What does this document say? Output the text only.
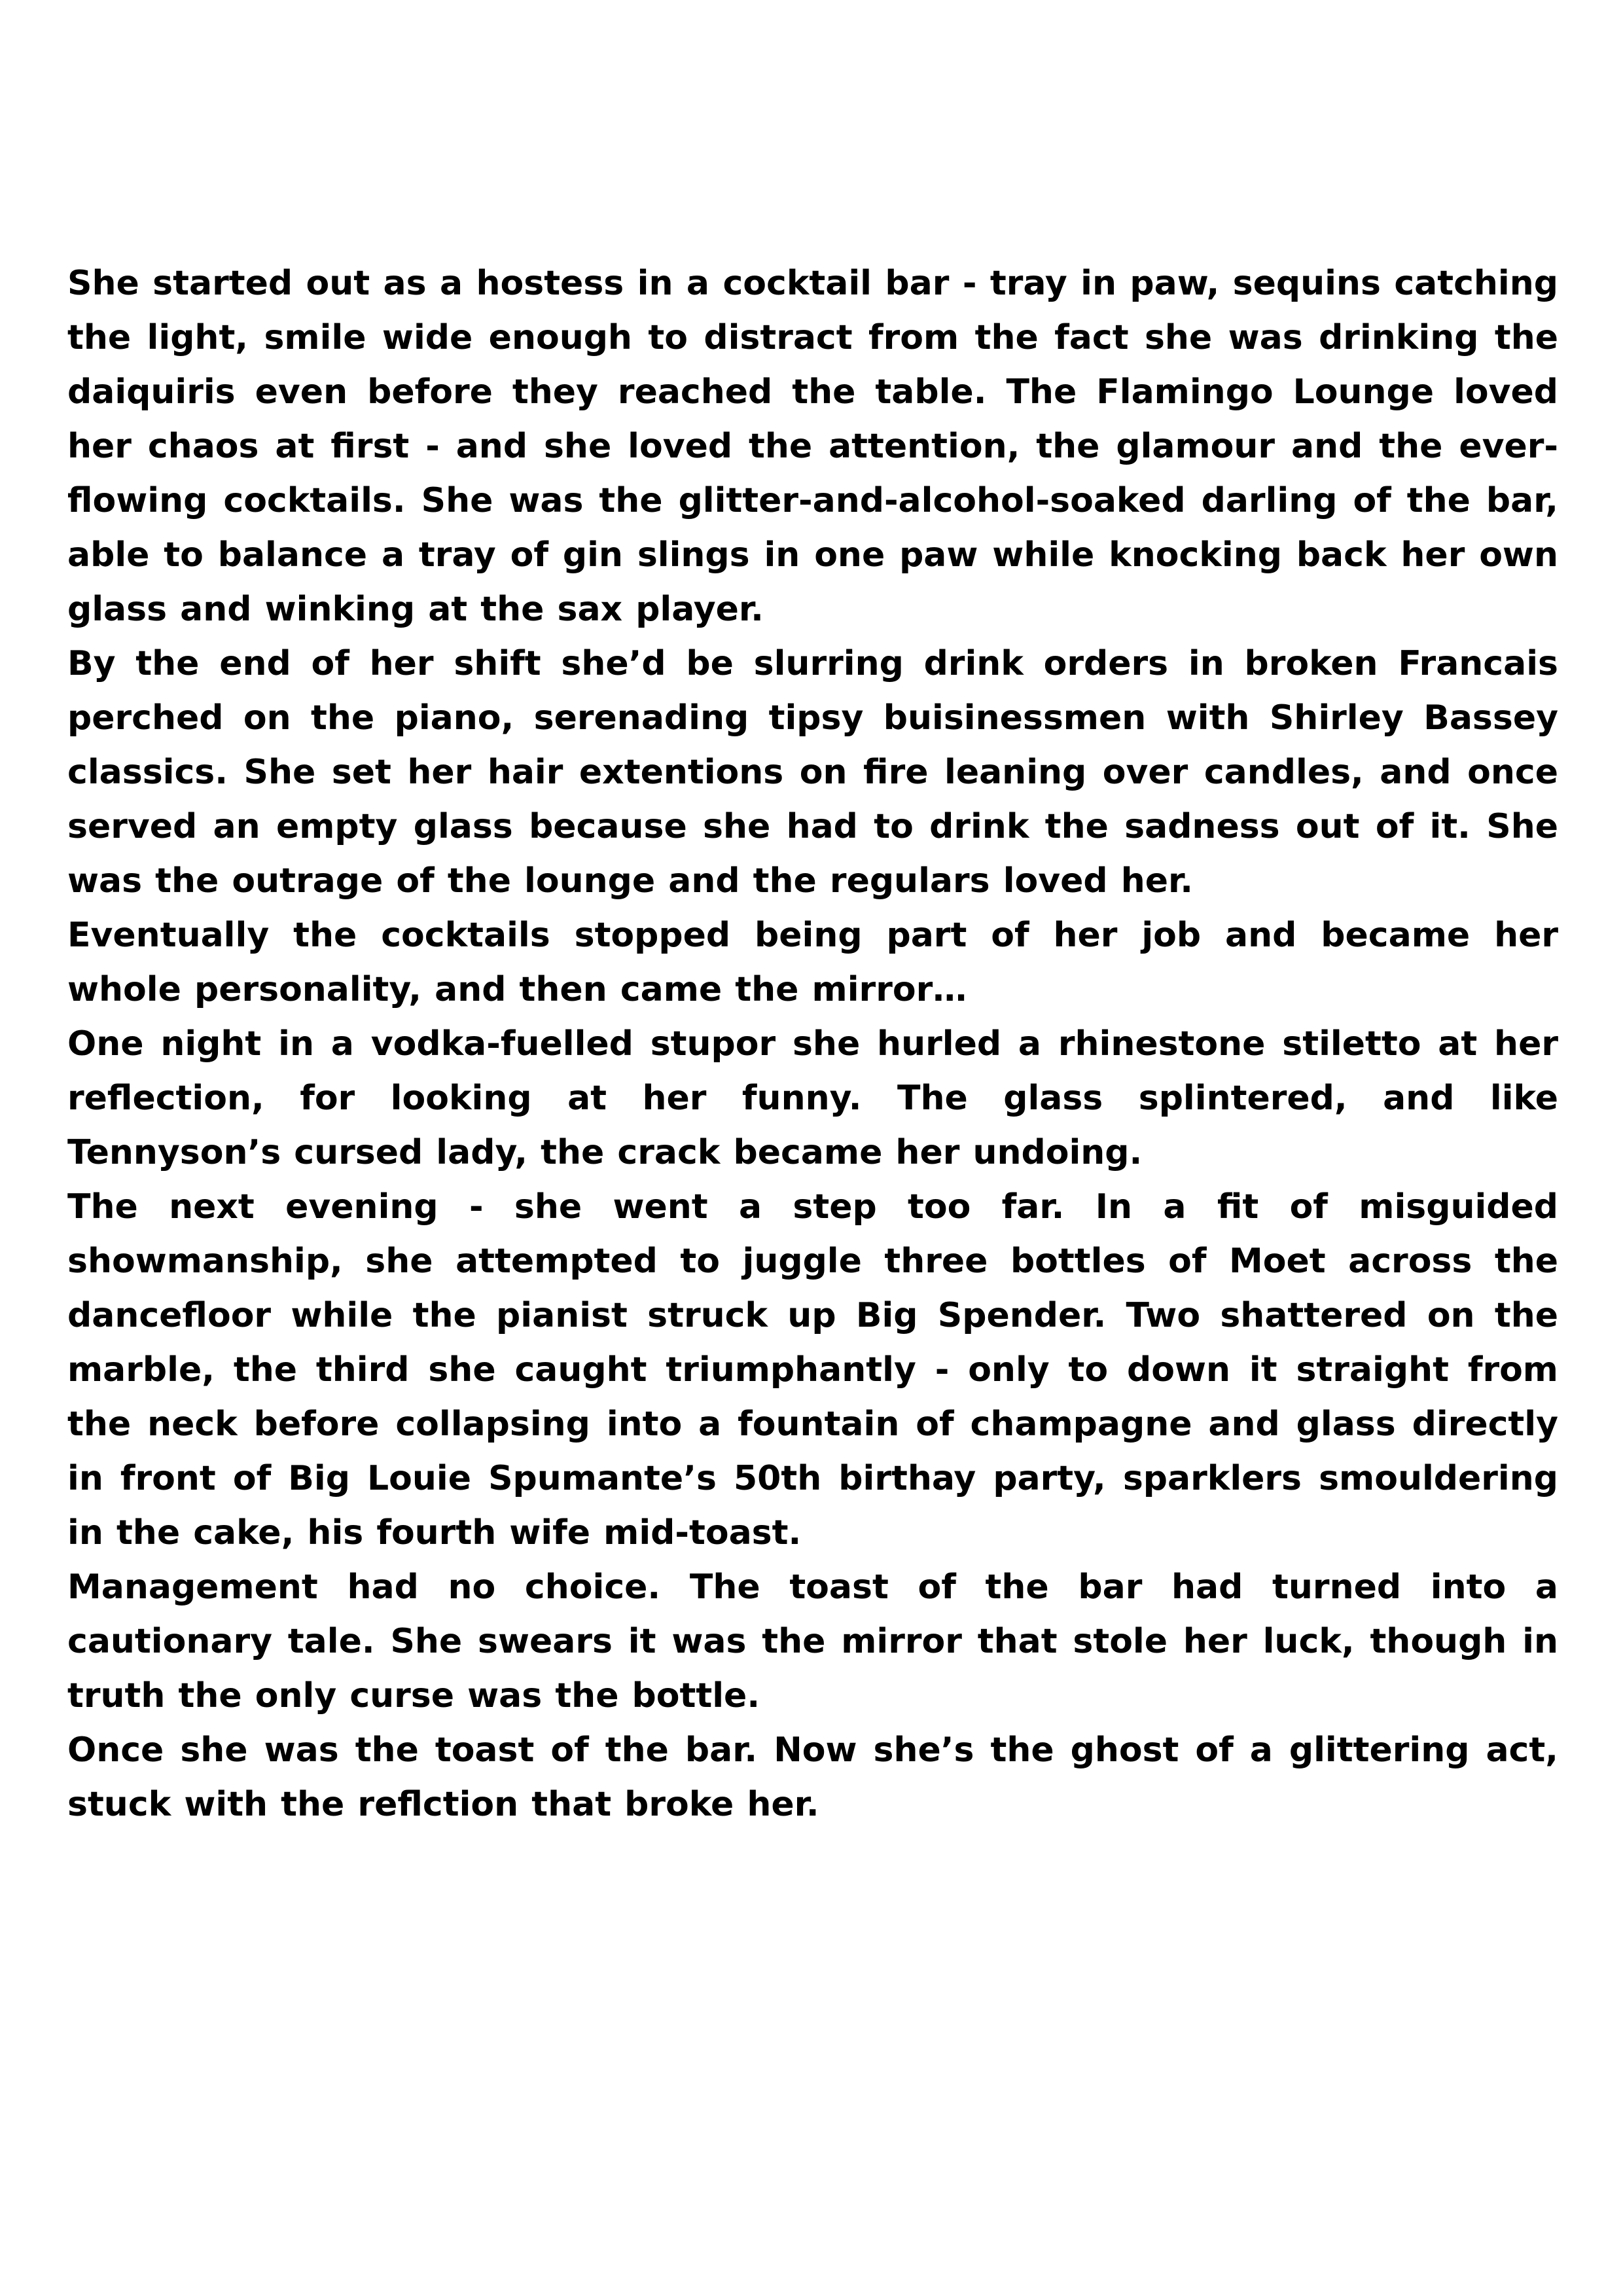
She started out as a hostess in a cocktail bar - tray in paw, sequins catching the light, smile wide enough to distract from the fact she was drinking the daiquiris even before they reached the table. The Flamingo Lounge loved her chaos at first - and she loved the attention, the glamour and the ever-flowing cocktails. She was the glitter-and-alcohol-soaked darling of the bar, able to balance a tray of gin slings in one paw while knocking back her own glass and winking at the sax player.

By the end of her shift she’d be slurring drink orders in broken Francais perched on the piano, serenading tipsy buisinessmen with Shirley Bassey classics. She set her hair extentions on fire leaning over candles, and once served an empty glass because she had to drink the sadness out of it. She was the outrage of the lounge and the regulars loved her.

Eventually the cocktails stopped being part of her job and became her whole personality, and then came the mirror…

One night in a vodka-fuelled stupor she hurled a rhinestone stiletto at her reflection, for looking at her funny. The glass splintered, and like Tennyson’s cursed lady, the crack became her undoing.

The next evening - she went a step too far. In a fit of misguided showmanship, she attempted to juggle three bottles of Moet across the dancefloor while the pianist struck up Big Spender. Two shattered on the marble, the third she caught triumphantly - only to down it straight from the neck before collapsing into a fountain of champagne and glass directly in front of Big Louie Spumante’s 50th birthay party, sparklers smouldering in the cake, his fourth wife mid-toast.

Management had no choice. The toast of the bar had turned into a cautionary tale. She swears it was the mirror that stole her luck, though in truth the only curse was the bottle.

Once she was the toast of the bar. Now she’s the ghost of a glittering act, stuck with the reflction that broke her.
